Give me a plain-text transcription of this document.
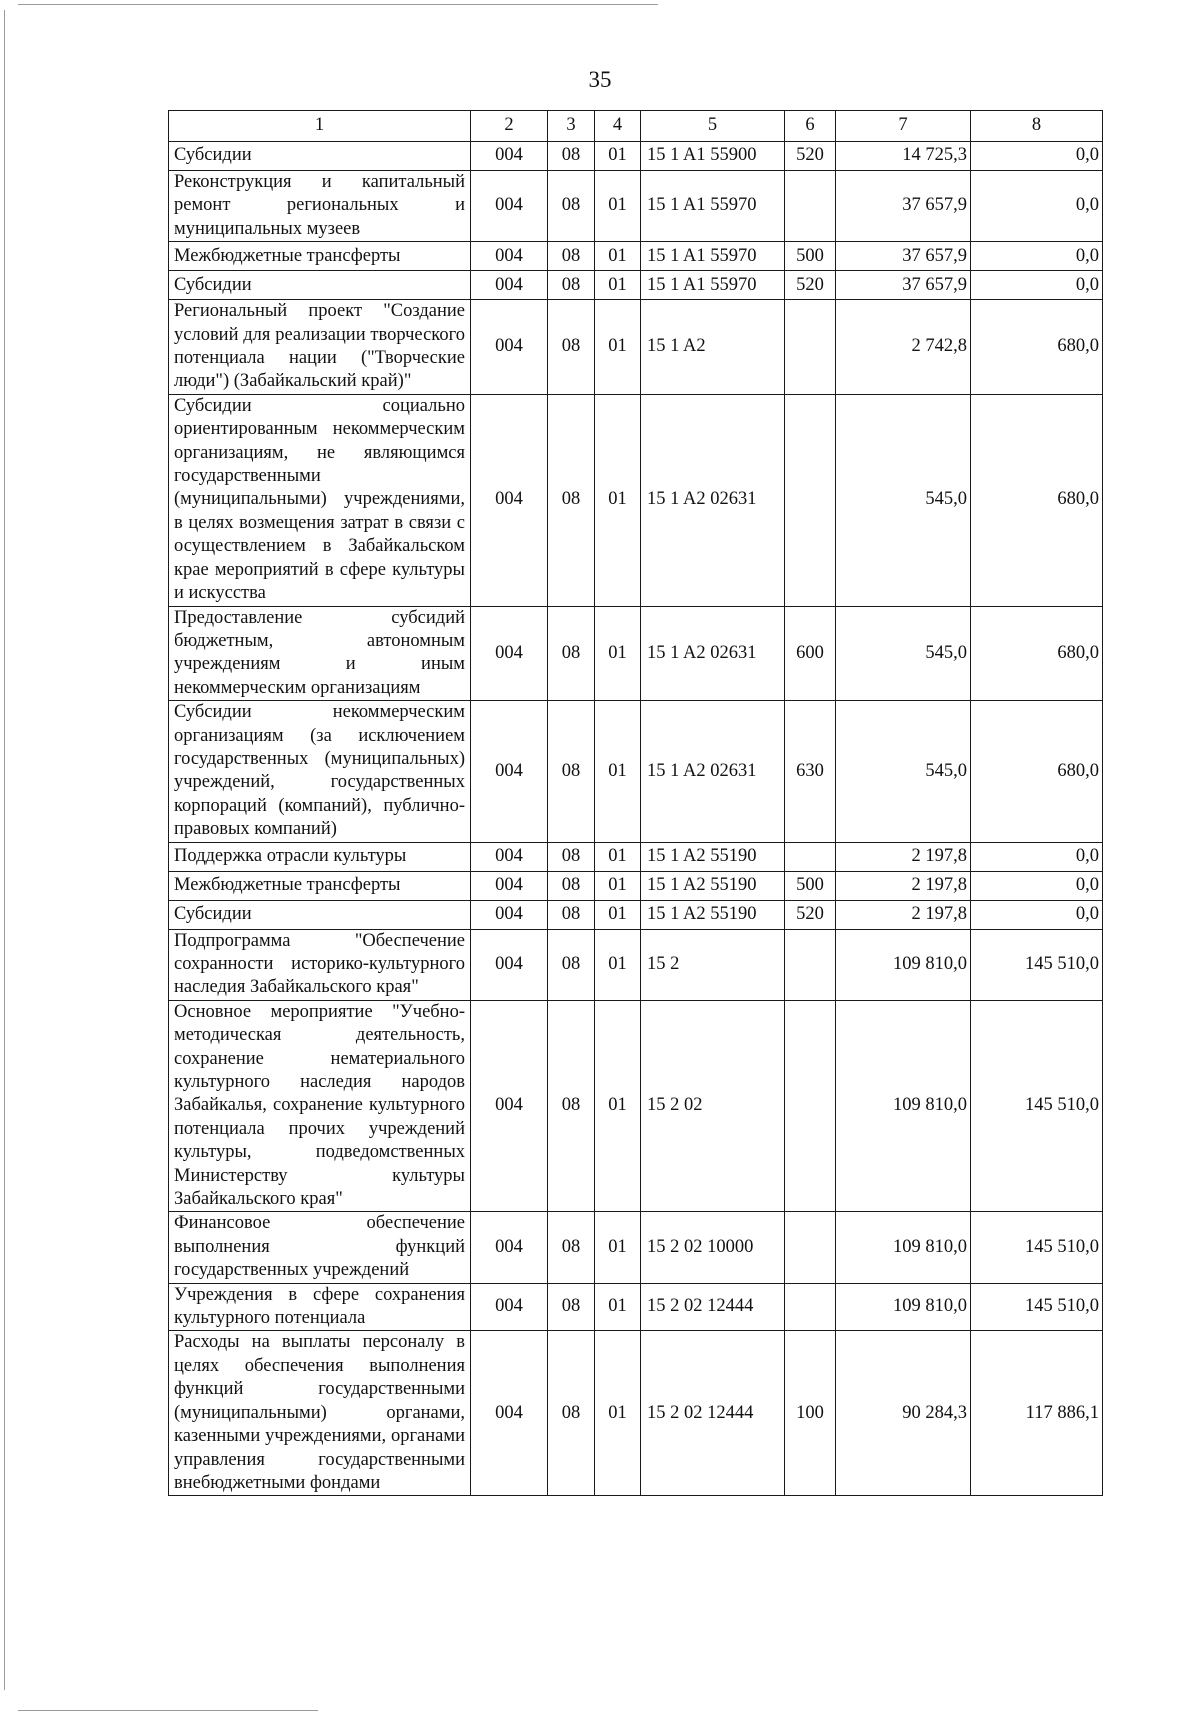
35
1	2	3	4	5	6	7	8
Субсидии	004	08	01	15 1 A1 55900	520	14 725,3	0,0
Реконструкция и капитальный ремонт региональных и муниципальных музеев	004	08	01	15 1 A1 55970		37 657,9	0,0
Межбюджетные трансферты	004	08	01	15 1 A1 55970	500	37 657,9	0,0
Субсидии	004	08	01	15 1 A1 55970	520	37 657,9	0,0
Региональный проект "Создание условий для реализации творческого потенциала нации ("Творческие люди") (Забайкальский край)"	004	08	01	15 1 A2		2 742,8	680,0
Субсидии социально ориентированным некоммерческим организациям, не являющимся государственными (муниципальными) учреждениями, в целях возмещения затрат в связи с осуществлением в Забайкальском крае мероприятий в сфере культуры и искусства	004	08	01	15 1 A2 02631		545,0	680,0
Предоставление субсидий бюджетным, автономным учреждениям и иным некоммерческим организациям	004	08	01	15 1 A2 02631	600	545,0	680,0
Субсидии некоммерческим организациям (за исключением государственных (муниципальных) учреждений, государственных корпораций (компаний), публично-правовых компаний)	004	08	01	15 1 A2 02631	630	545,0	680,0
Поддержка отрасли культуры	004	08	01	15 1 A2 55190		2 197,8	0,0
Межбюджетные трансферты	004	08	01	15 1 A2 55190	500	2 197,8	0,0
Субсидии	004	08	01	15 1 A2 55190	520	2 197,8	0,0
Подпрограмма "Обеспечение сохранности историко-культурного наследия Забайкальского края"	004	08	01	15 2		109 810,0	145 510,0
Основное мероприятие "Учебно-методическая деятельность, сохранение нематериального культурного наследия народов Забайкалья, сохранение культурного потенциала прочих учреждений культуры, подведомственных Министерству культуры Забайкальского края"	004	08	01	15 2 02		109 810,0	145 510,0
Финансовое обеспечение выполнения функций государственных учреждений	004	08	01	15 2 02 10000		109 810,0	145 510,0
Учреждения в сфере сохранения культурного потенциала	004	08	01	15 2 02 12444		109 810,0	145 510,0
Расходы на выплаты персоналу в целях обеспечения выполнения функций государственными (муниципальными) органами, казенными учреждениями, органами управления государственными внебюджетными фондами	004	08	01	15 2 02 12444	100	90 284,3	117 886,1
